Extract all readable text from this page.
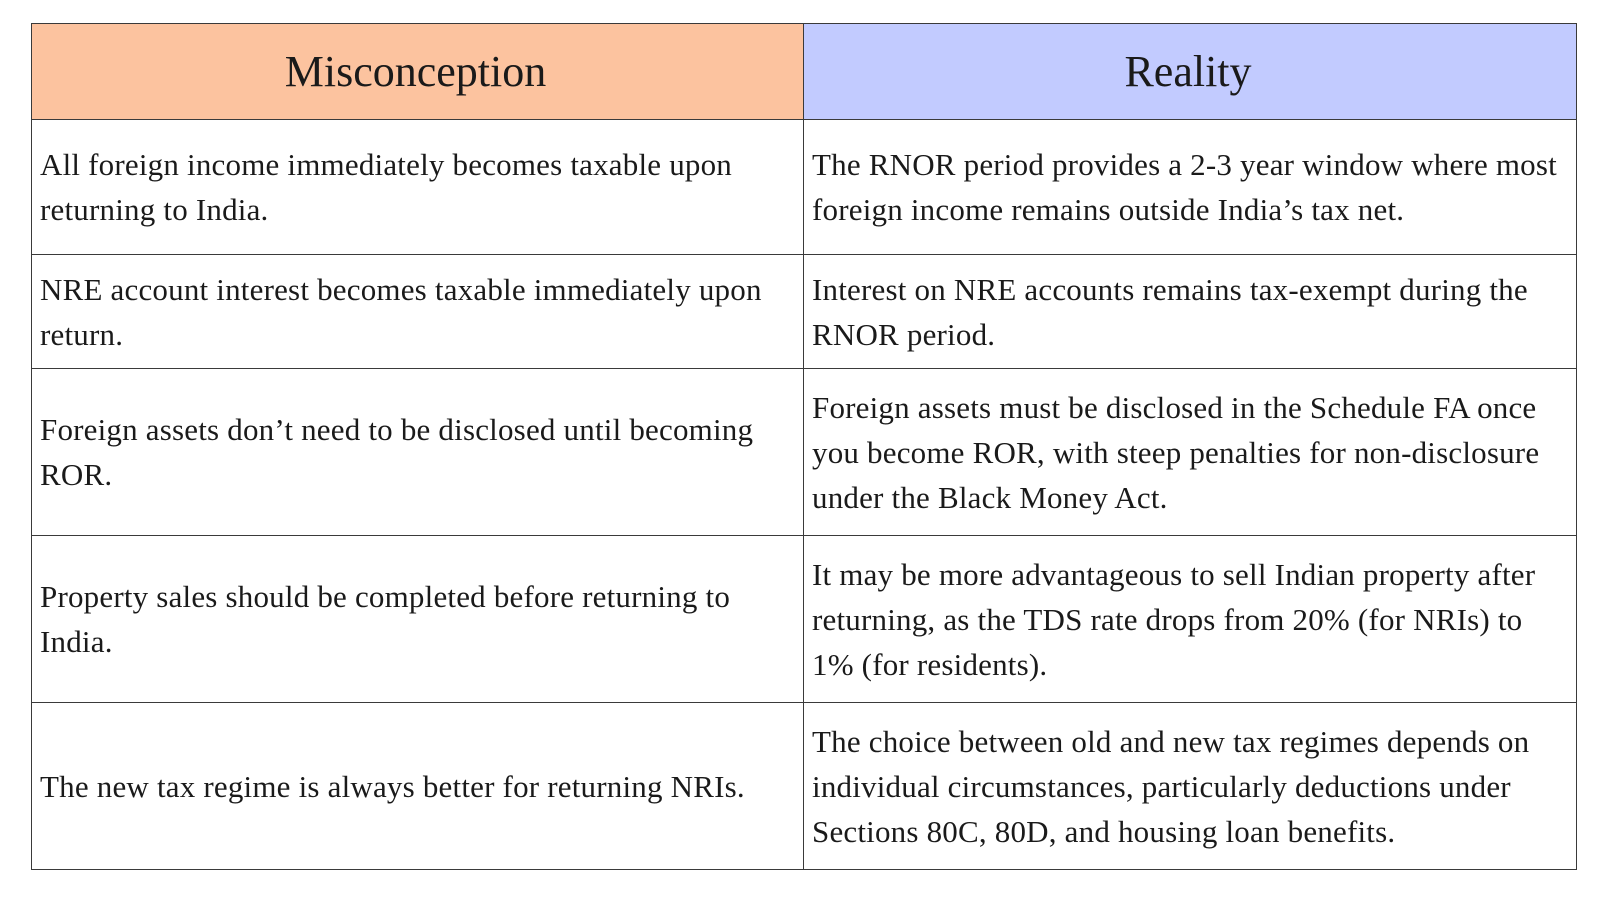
Misconception	Reality
All foreign income immediately becomes taxable upon returning to India.	The RNOR period provides a 2-3 year window where most foreign income remains outside India’s tax net.
NRE account interest becomes taxable immediately upon return.	Interest on NRE accounts remains tax-exempt during the RNOR period.
Foreign assets don’t need to be disclosed until becoming ROR.	Foreign assets must be disclosed in the Schedule FA once you become ROR, with steep penalties for non-disclosure under the Black Money Act.
Property sales should be completed before returning to India.	It may be more advantageous to sell Indian property after returning, as the TDS rate drops from 20% (for NRIs) to 1% (for residents).
The new tax regime is always better for returning NRIs.	The choice between old and new tax regimes depends on individual circumstances, particularly deductions under Sections 80C, 80D, and housing loan benefits.
